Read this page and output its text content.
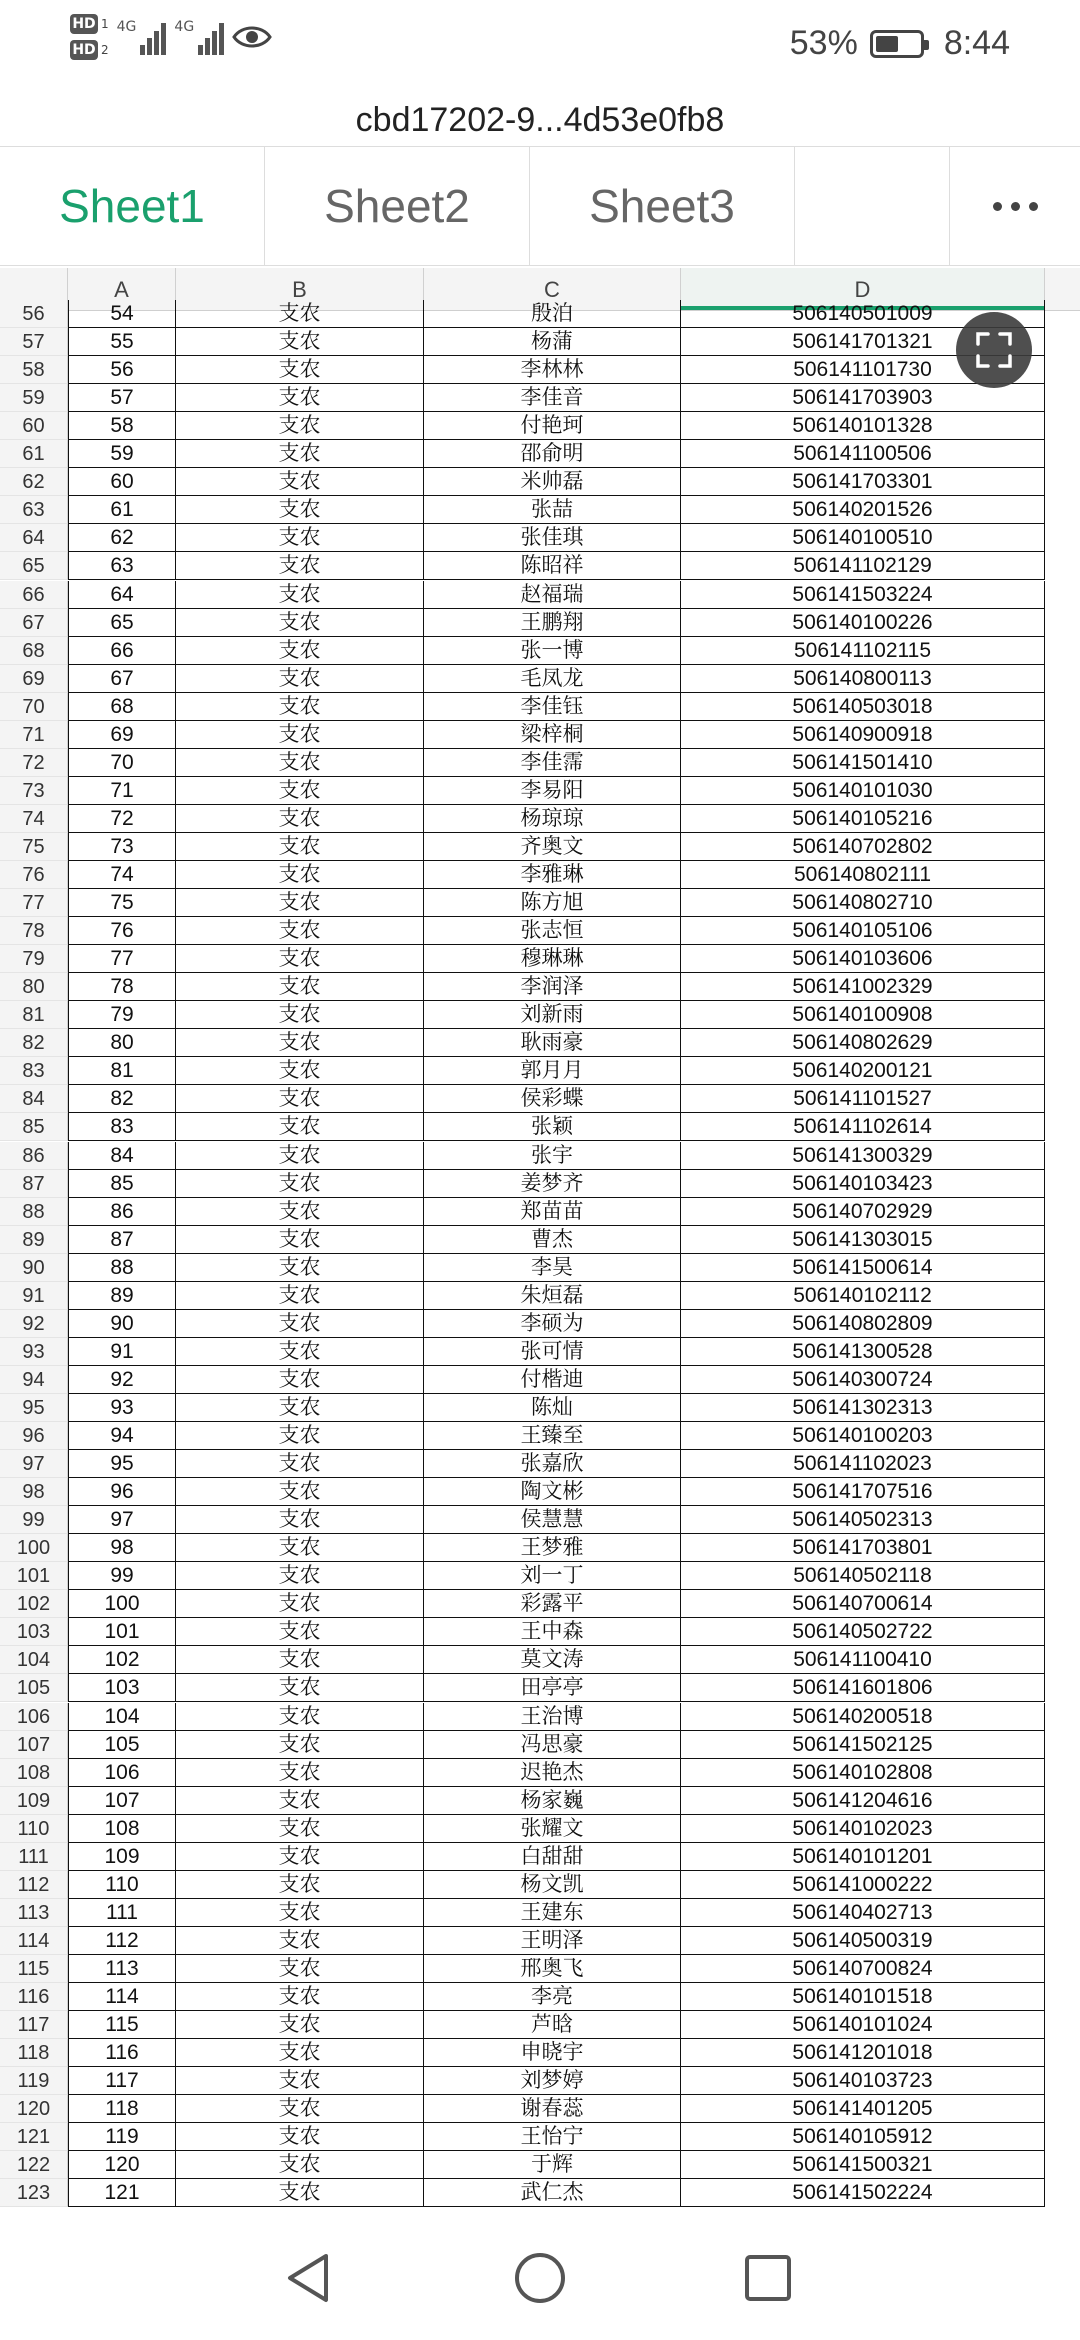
HD 1
HD 2
4G	4G	53%	8:44
cbd17202-9...4d53e0fb8
Sheet1	Sheet2	Sheet3
A	B	C	D
56	54	支农	殷泊	506140501009
57	55	支农	杨蒲	506141701321
58	56	支农	李林林	506141101730
59	57	支农	李佳音	506141703903
60	58	支农	付艳珂	506140101328
61	59	支农	邵俞明	506141100506
62	60	支农	米帅磊	506141703301
63	61	支农	张喆	506140201526
64	62	支农	张佳琪	506140100510
65	63	支农	陈昭祥	506141102129
66	64	支农	赵福瑞	506141503224
67	65	支农	王鹏翔	506140100226
68	66	支农	张一博	506141102115
69	67	支农	毛凤龙	506140800113
70	68	支农	李佳钰	506140503018
71	69	支农	梁梓桐	506140900918
72	70	支农	李佳霈	506141501410
73	71	支农	李易阳	506140101030
74	72	支农	杨琼琼	506140105216
75	73	支农	齐奥文	506140702802
76	74	支农	李雅琳	506140802111
77	75	支农	陈方旭	506140802710
78	76	支农	张志恒	506140105106
79	77	支农	穆琳琳	506140103606
80	78	支农	李润泽	506141002329
81	79	支农	刘新雨	506140100908
82	80	支农	耿雨豪	506140802629
83	81	支农	郭月月	506140200121
84	82	支农	侯彩蝶	506141101527
85	83	支农	张颖	506141102614
86	84	支农	张宇	506141300329
87	85	支农	姜梦齐	506140103423
88	86	支农	郑苗苗	506140702929
89	87	支农	曹杰	506141303015
90	88	支农	李昊	506141500614
91	89	支农	朱烜磊	506140102112
92	90	支农	李硕为	506140802809
93	91	支农	张可情	506141300528
94	92	支农	付楷迪	506140300724
95	93	支农	陈灿	506141302313
96	94	支农	王臻至	506140100203
97	95	支农	张嘉欣	506141102023
98	96	支农	陶文彬	506141707516
99	97	支农	侯慧慧	506140502313
100	98	支农	王梦雅	506141703801
101	99	支农	刘一丁	506140502118
102	100	支农	彩露平	506140700614
103	101	支农	王中森	506140502722
104	102	支农	莫文涛	506141100410
105	103	支农	田亭亭	506141601806
106	104	支农	王治博	506140200518
107	105	支农	冯思豪	506141502125
108	106	支农	迟艳杰	506140102808
109	107	支农	杨家巍	506141204616
110	108	支农	张耀文	506140102023
111	109	支农	白甜甜	506140101201
112	110	支农	杨文凯	506141000222
113	111	支农	王建东	506140402713
114	112	支农	王明泽	506140500319
115	113	支农	邢奥飞	506140700824
116	114	支农	李亮	506140101518
117	115	支农	芦晗	506140101024
118	116	支农	申晓宇	506141201018
119	117	支农	刘梦婷	506140103723
120	118	支农	谢春蕊	506141401205
121	119	支农	王怡宁	506140105912
122	120	支农	于辉	506141500321
123	121	支农	武仁杰	506141502224
